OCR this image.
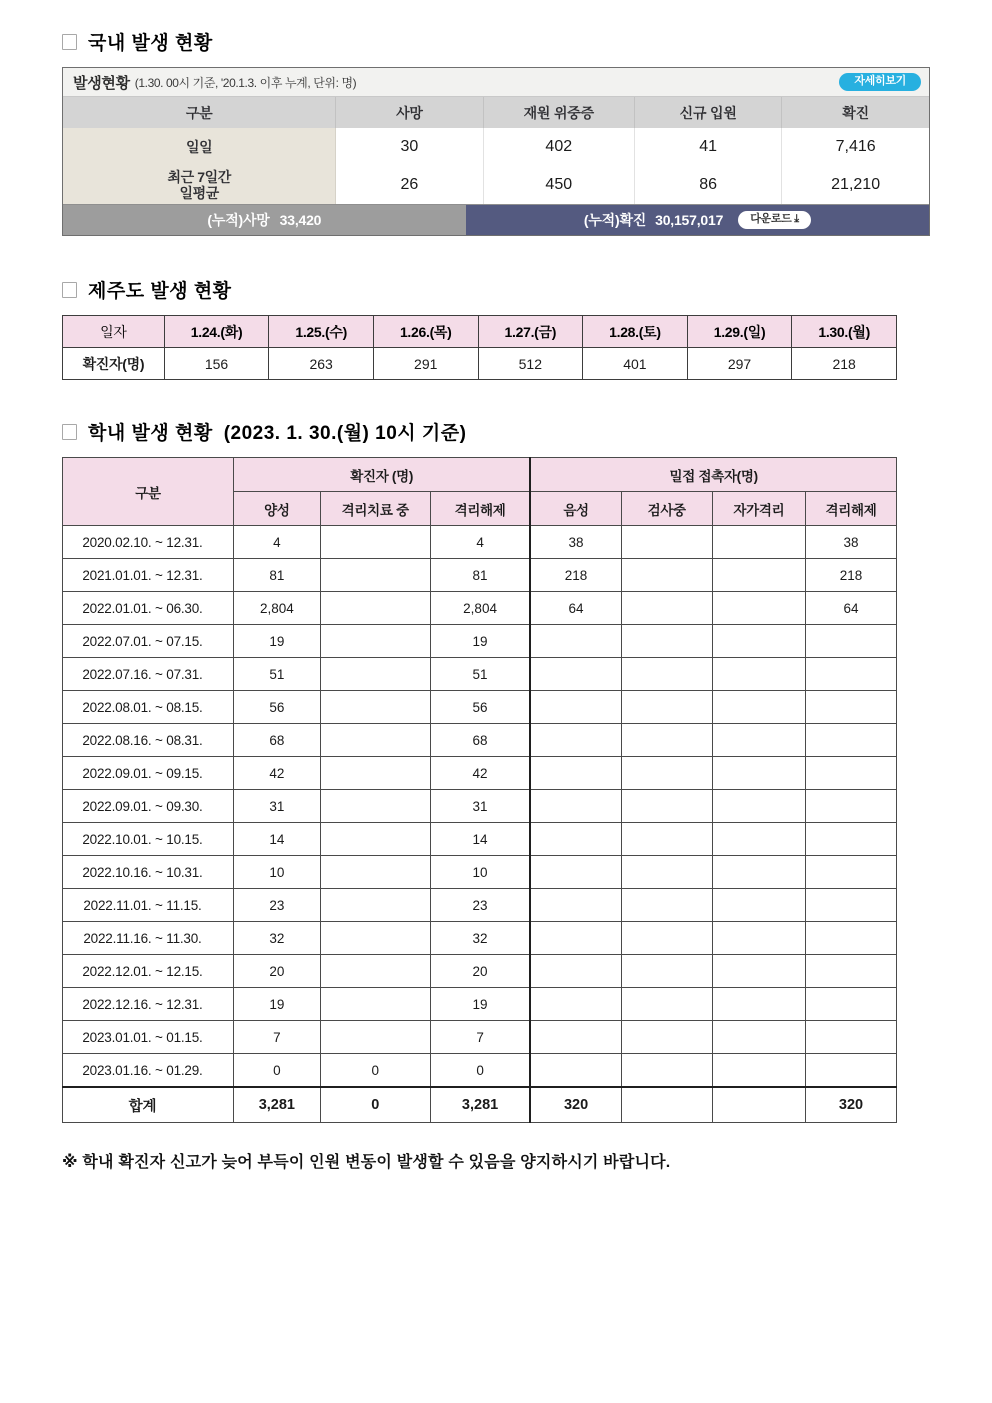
국내 발생 현황
발생현황 (1.30. 00시 기준, '20.1.3. 이후 누계, 단위: 명)	자세히보기
구분	사망	재원 위중증	신규 입원	확진
일일	30	402	41	7,416
최근 7일간
일평균	26	450	86	21,210
(누적)사망 33,420	(누적)확진 30,157,017	다운로드 ⤓
제주도 발생 현황
일자	1.24.(화)	1.25.(수)	1.26.(목)	1.27.(금)	1.28.(토)	1.29.(일)	1.30.(월)
확진자(명)	156	263	291	512	401	297	218
학내 발생 현황 (2023. 1. 30.(월) 10시 기준)
구분	확진자 (명)			밀접 접촉자(명)			
	양성	격리치료 중	격리해제	음성	검사중	자가격리	격리해제
2020.02.10. ~ 12.31.	4		4	38			38
2021.01.01. ~ 12.31.	81		81	218			218
2022.01.01. ~ 06.30.	2,804		2,804	64			64
2022.07.01. ~ 07.15.	19		19				
2022.07.16. ~ 07.31.	51		51				
2022.08.01. ~ 08.15.	56		56				
2022.08.16. ~ 08.31.	68		68				
2022.09.01. ~ 09.15.	42		42				
2022.09.01. ~ 09.30.	31		31				
2022.10.01. ~ 10.15.	14		14				
2022.10.16. ~ 10.31.	10		10				
2022.11.01. ~ 11.15.	23		23				
2022.11.16. ~ 11.30.	32		32				
2022.12.01. ~ 12.15.	20		20				
2022.12.16. ~ 12.31.	19		19				
2023.01.01. ~ 01.15.	7		7				
2023.01.16. ~ 01.29.	0	0	0				
합계	3,281	0	3,281	320			320
※ 학내 확진자 신고가 늦어 부득이 인원 변동이 발생할 수 있음을 양지하시기 바랍니다.
